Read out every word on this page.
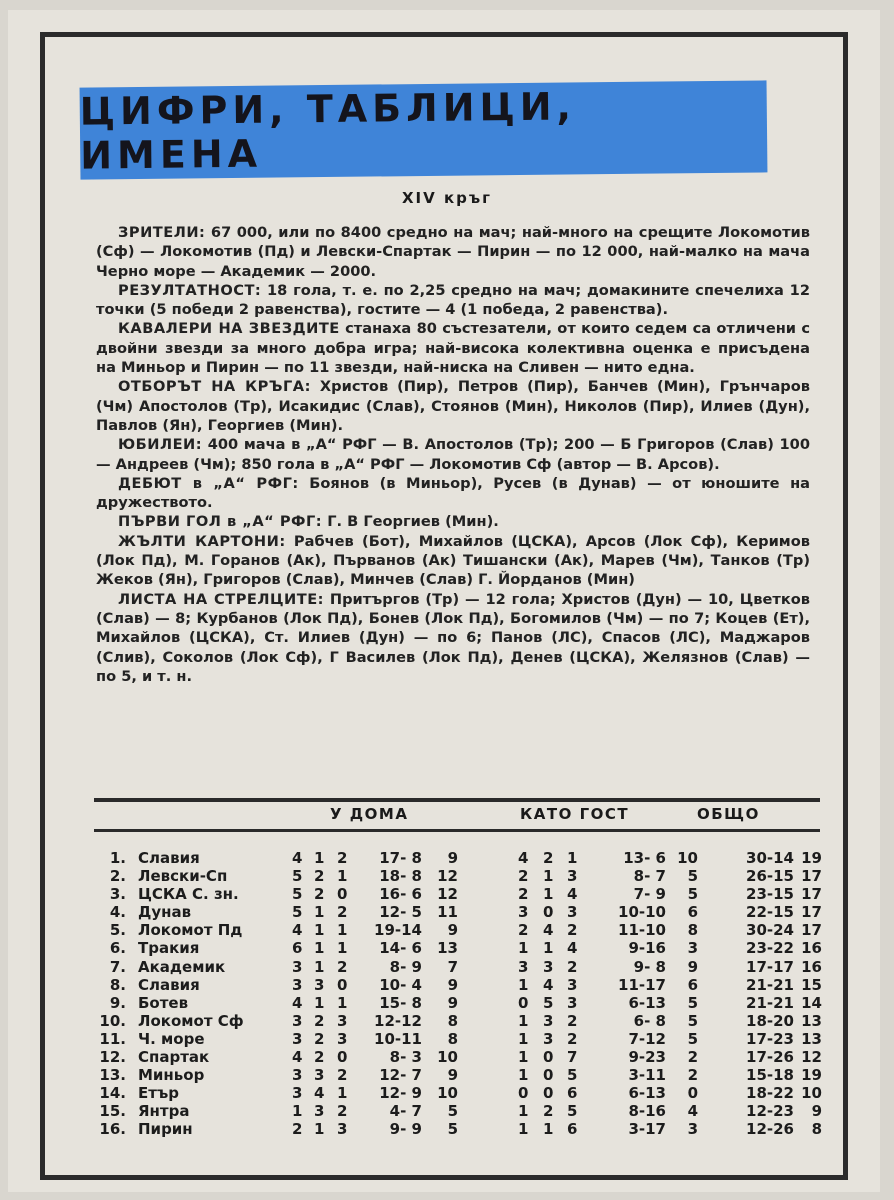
ЦИФРИ, ТАБЛИЦИ, ИМЕНА
XIV кръг

ЗРИТЕЛИ: 67 000, или по 8400 средно на мач; най-много на срещите Локомотив (Сф) — Локомотив (Пд) и Левски-Спартак — Пирин — по 12 000, най-малко на мача Черно море — Академик — 2000.

РЕЗУЛТАТНОСТ: 18 гола, т. е. по 2,25 средно на мач; домакините спечелиха 12 точки (5 победи 2 равенства), гостите — 4 (1 победа, 2 равенства).

КАВАЛЕРИ НА ЗВЕЗДИТЕ станаха 80 състезатели, от които седем са отличени с двойни звезди за много добра игра; най-висока колективна оценка е присъдена на Миньор и Пирин — по 11 звезди, най-ниска на Сливен — нито една.

ОТБОРЪТ НА КРЪГА: Христов (Пир), Петров (Пир), Банчев (Мин), Грънчаров (Чм) Апостолов (Тр), Исакидис (Слав), Стоянов (Мин), Николов (Пир), Илиев (Дун), Павлов (Ян), Георгиев (Мин).

ЮБИЛЕИ: 400 мача в „А“ РФГ — В. Апостолов (Тр); 200 — Б Григоров (Слав) 100 — Андреев (Чм); 850 гола в „А“ РФГ — Локомотив Сф (автор — В. Арсов).

ДЕБЮТ в „А“ РФГ: Боянов (в Миньор), Русев (в Дунав) — от юношите на дружеството.

ПЪРВИ ГОЛ в „А“ РФГ: Г. В Георгиев (Мин).

ЖЪЛТИ КАРТОНИ: Рабчев (Бот), Михайлов (ЦСКА), Арсов (Лок Сф), Керимов (Лок Пд), М. Горанов (Ак), Първанов (Ак) Тишански (Ак), Марев (Чм), Танков (Тр) Жеков (Ян), Григоров (Слав), Минчев (Слав) Г. Йорданов (Мин)

ЛИСТА НА СТРЕЛЦИТЕ: Притъргов (Тр) — 12 гола; Христов (Дун) — 10, Цветков (Слав) — 8; Курбанов (Лок Пд), Бонев (Лок Пд), Богомилов (Чм) — по 7; Коцев (Ет), Михайлов (ЦСКА), Ст. Илиев (Дун) — по 6; Панов (ЛС), Спасов (ЛС), Маджаров (Слив), Соколов (Лок Сф), Г Василев (Лок Пд), Денев (ЦСКА), Желязнов (Слав) — по 5, и т. н.

У ДОМА	КАТО ГОСТ	ОБЩО
1. Славия	4 1 2	17- 8	9	4 2 1	13- 6 10	30-14 19
2. Левски-Сп	5 2 1	18- 8	12	2 1 3	8- 7	5	26-15 17
3. ЦСКА С. зн.	5 2 0	16- 6	12	2 1 4	7- 9	5	23-15 17
4. Дунав	5 1 2	12- 5	11	3 0 3	10-10	6	22-15 17
5. Локомот Пд	4 1 1	19-14	9	2 4 2	11-10	8	30-24 17
6. Тракия	6 1 1	14- 6	13	1 1 4	9-16	3	23-22 16
7. Академик	3 1 2	8- 9	7	3 3 2	9- 8	9	17-17 16
8. Славия	3 3 0	10- 4	9	1 4 3	11-17	6	21-21 15
9. Ботев	4 1 1	15- 8	9	0 5 3	6-13	5	21-21 14
10. Локомот Сф	3 2 3	12-12	8	1 3 2	6- 8	5	18-20 13
11. Ч. море	3 2 3	10-11	8	1 3 2	7-12	5	17-23 13
12. Спартак	4 2 0	8- 3	10	1 0 7	9-23	2	17-26 12
13. Миньор	3 3 2	12- 7	9	1 0 5	3-11	2	15-18 19
14. Етър	3 4 1	12- 9	10	0 0 6	6-13	0	18-22 10
15. Янтра	1 3 2	4- 7	5	1 2 5	8-16	4	12-23	9
16. Пирин	2 1 3	9- 9	5	1 1 6	3-17	3	12-26	8
